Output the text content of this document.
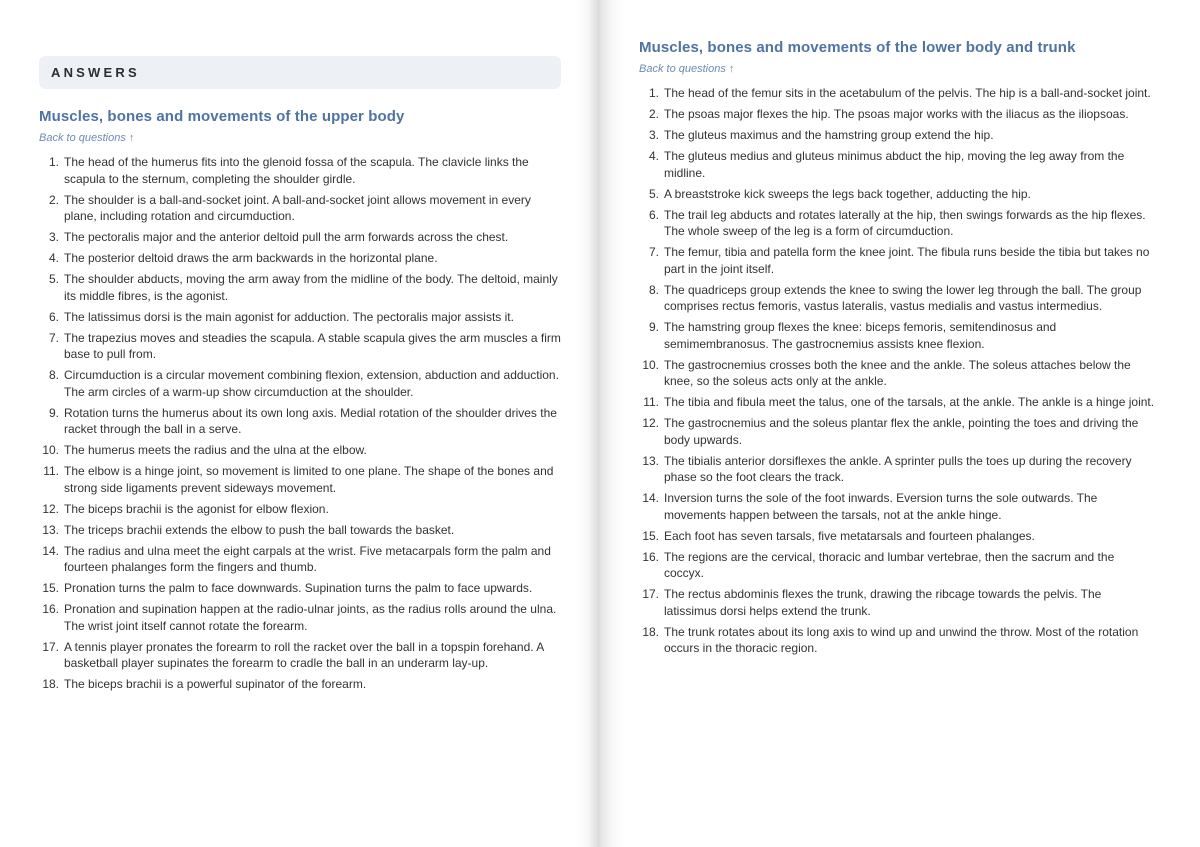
ANSWERS
Muscles, bones and movements of the upper body
Back to questions ↑
1. The head of the humerus fits into the glenoid fossa of the scapula. The clavicle links the scapula to the sternum, completing the shoulder girdle.
2. The shoulder is a ball-and-socket joint. A ball-and-socket joint allows movement in every plane, including rotation and circumduction.
3. The pectoralis major and the anterior deltoid pull the arm forwards across the chest.
4. The posterior deltoid draws the arm backwards in the horizontal plane.
5. The shoulder abducts, moving the arm away from the midline of the body. The deltoid, mainly its middle fibres, is the agonist.
6. The latissimus dorsi is the main agonist for adduction. The pectoralis major assists it.
7. The trapezius moves and steadies the scapula. A stable scapula gives the arm muscles a firm base to pull from.
8. Circumduction is a circular movement combining flexion, extension, abduction and adduction. The arm circles of a warm-up show circumduction at the shoulder.
9. Rotation turns the humerus about its own long axis. Medial rotation of the shoulder drives the racket through the ball in a serve.
10. The humerus meets the radius and the ulna at the elbow.
11. The elbow is a hinge joint, so movement is limited to one plane. The shape of the bones and strong side ligaments prevent sideways movement.
12. The biceps brachii is the agonist for elbow flexion.
13. The triceps brachii extends the elbow to push the ball towards the basket.
14. The radius and ulna meet the eight carpals at the wrist. Five metacarpals form the palm and fourteen phalanges form the fingers and thumb.
15. Pronation turns the palm to face downwards. Supination turns the palm to face upwards.
16. Pronation and supination happen at the radio-ulnar joints, as the radius rolls around the ulna. The wrist joint itself cannot rotate the forearm.
17. A tennis player pronates the forearm to roll the racket over the ball in a topspin forehand. A basketball player supinates the forearm to cradle the ball in an underarm lay-up.
18. The biceps brachii is a powerful supinator of the forearm.
Muscles, bones and movements of the lower body and trunk
Back to questions ↑
1. The head of the femur sits in the acetabulum of the pelvis. The hip is a ball-and-socket joint.
2. The psoas major flexes the hip. The psoas major works with the iliacus as the iliopsoas.
3. The gluteus maximus and the hamstring group extend the hip.
4. The gluteus medius and gluteus minimus abduct the hip, moving the leg away from the midline.
5. A breaststroke kick sweeps the legs back together, adducting the hip.
6. The trail leg abducts and rotates laterally at the hip, then swings forwards as the hip flexes. The whole sweep of the leg is a form of circumduction.
7. The femur, tibia and patella form the knee joint. The fibula runs beside the tibia but takes no part in the joint itself.
8. The quadriceps group extends the knee to swing the lower leg through the ball. The group comprises rectus femoris, vastus lateralis, vastus medialis and vastus intermedius.
9. The hamstring group flexes the knee: biceps femoris, semitendinosus and semimembranosus. The gastrocnemius assists knee flexion.
10. The gastrocnemius crosses both the knee and the ankle. The soleus attaches below the knee, so the soleus acts only at the ankle.
11. The tibia and fibula meet the talus, one of the tarsals, at the ankle. The ankle is a hinge joint.
12. The gastrocnemius and the soleus plantar flex the ankle, pointing the toes and driving the body upwards.
13. The tibialis anterior dorsiflexes the ankle. A sprinter pulls the toes up during the recovery phase so the foot clears the track.
14. Inversion turns the sole of the foot inwards. Eversion turns the sole outwards. The movements happen between the tarsals, not at the ankle hinge.
15. Each foot has seven tarsals, five metatarsals and fourteen phalanges.
16. The regions are the cervical, thoracic and lumbar vertebrae, then the sacrum and the coccyx.
17. The rectus abdominis flexes the trunk, drawing the ribcage towards the pelvis. The latissimus dorsi helps extend the trunk.
18. The trunk rotates about its long axis to wind up and unwind the throw. Most of the rotation occurs in the thoracic region.
